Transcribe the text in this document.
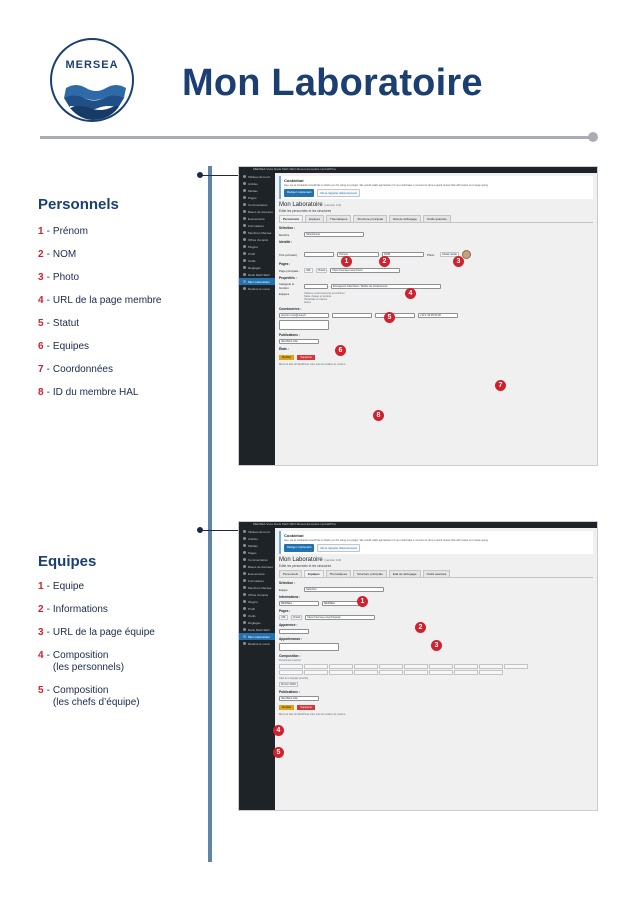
MERSEA	Mon Laboratoire
Personnels
1 - Prénom
2 - NOM
3 - Photo
4 - URL de la page membre
5 - Statut
6 - Equipes
7 - Coordonnées
8 - ID du membre HAL
Equipes
1 - Equipe
2 - Informations
3 - URL de la page équipe
4 - Composition
(les personnels)
5 - Composition
(les chefs d’équipe)
MERSEA Votre Rank Math SEO Mesures/emplois UpdraftPlus
Tableau de bord
Articles
Médias
Pages
Commentaires
Bases de données
Evènements
Formulaires
Membres Mersea
Offres d'emploi
Plugins
Profil
Outils
Réglages
Rank Math SEO
Mon Laboratoire
Réduire le menu
Cookiebot
Hey, we at Cookiebot would like to thank you for using our plugin. We would really appreciate it if you could take a moment to drop a quick review that will inspire us to keep going.
Rédiger maintenant	Me le rappeler ultérieurement
Mon Laboratoire (version 4.9)
Edite les personnels et les structures
Personnels	Equipes	Thématiques	Structure principale	Etat de débogage	Outils avancés
Sélection :
Membre	Sélectionner
Identité :
Titre (écrivant)	Prénom	NOM	Photo	Choisir média
Pages :
Page principale :	URL	Choisir	https://mersea.uvsq.fr/nom
Propriétés :
Catégorie et fonction	Enseignant-Chercheur / Maître de Conférences
Equipes	Cultures, environnements et territoires
Santé, risques et sociétés
Humanités et cultures
Autres
Coordonnées :
prenom.nom@uvsq.fr	+33 1 39 25 00 00
Publications :
Identifiant HAL
États :
Modifier	Supprimer
Merci de faire de WordPress votre outil de création de contenu.
1	2	3
4
5
6
7
8
MERSEA Votre Rank Math SEO Mesures/emplois UpdraftPlus
Tableau de bord
Articles
Médias
Pages
Commentaires
Bases de données
Evènements
Formulaires
Membres Mersea
Offres d'emploi
Plugins
Profil
Outils
Réglages
Rank Math SEO
Mon Laboratoire
Réduire le menu
Cookiebot
Hey, we at Cookiebot would like to thank you for using our plugin. We would really appreciate it if you could take a moment to drop a quick review that will inspire us to keep going.
Rédiger maintenant	Me le rappeler ultérieurement
Mon Laboratoire (version 4.9)
Edite les personnels et les structures
Personnels	Equipes	Thématiques	Structure principale	Etat de débogage	Outils avancés
Sélection :
Equipe	Sélection
Informations :
MERSEA	MERSEA
Pages :
URL	Choisir	https://mersea.uvsq.fr/equipe
Apparence :
Appartenance :
Composition :
Personnels (inscrits)
Chef·fe·s d'équipe (inscrits)
Prénom NOM
Publications :
Identifiant HAL
Modifier	Supprimer
Merci de faire de WordPress votre outil de création de contenu.
1
2
3
4
5
